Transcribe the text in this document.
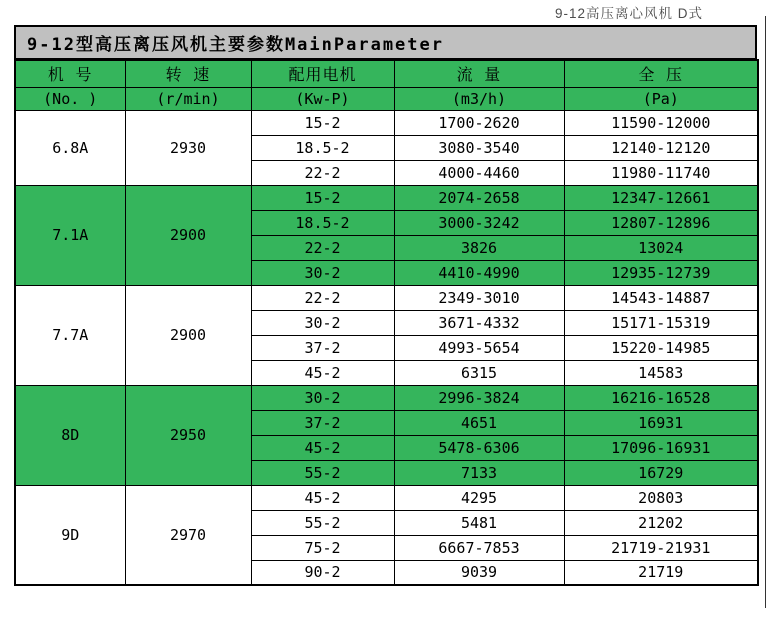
9-12高压离心风机 D式
9-12型高压离压风机主要参数MainParameter
机 号	转 速	配用电机	流 量	全 压
(No. )	(r/min)	(Kw-P)	(m3/h)	(Pa)
6.8A	2930	15-2	1700-2620	11590-12000
		18.5-2	3080-3540	12140-12120
		22-2	4000-4460	11980-11740
7.1A	2900	15-2	2074-2658	12347-12661
		18.5-2	3000-3242	12807-12896
		22-2	3826	13024
		30-2	4410-4990	12935-12739
7.7A	2900	22-2	2349-3010	14543-14887
		30-2	3671-4332	15171-15319
		37-2	4993-5654	15220-14985
		45-2	6315	14583
8D	2950	30-2	2996-3824	16216-16528
		37-2	4651	16931
		45-2	5478-6306	17096-16931
		55-2	7133	16729
9D	2970	45-2	4295	20803
		55-2	5481	21202
		75-2	6667-7853	21719-21931
		90-2	9039	21719
